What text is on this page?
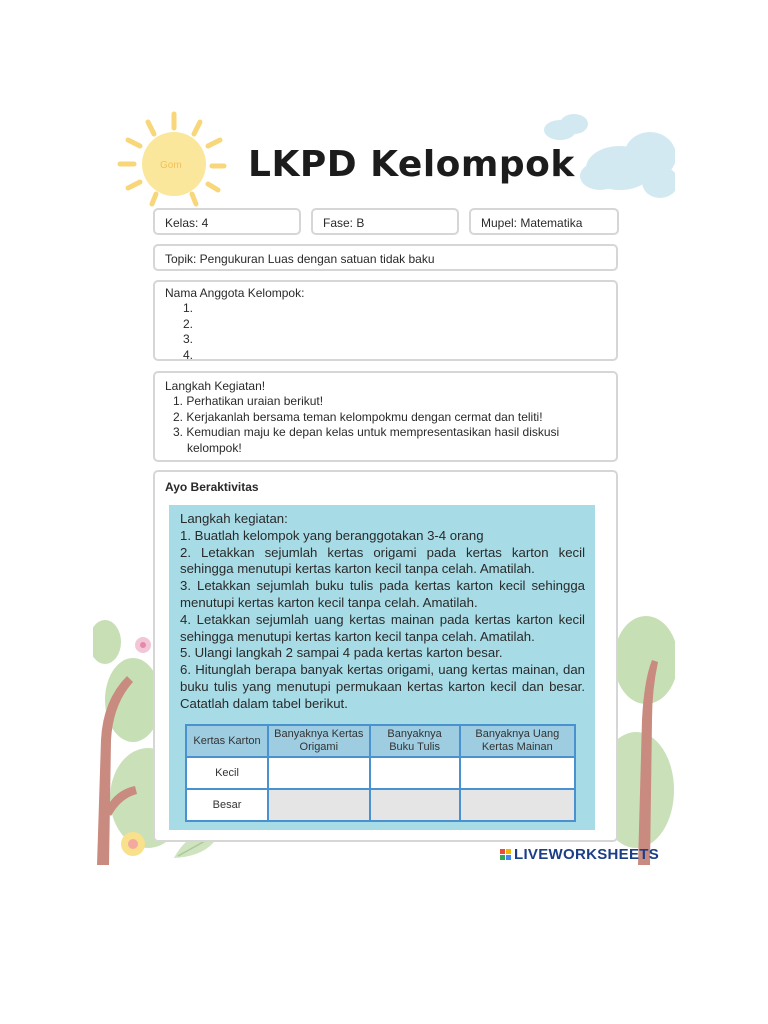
Gom LKPD Kelompok
Kelas: 4	Fase: B	Mupel: Matematika
Topik: Pengukuran Luas dengan satuan tidak baku
Nama Anggota Kelompok:
1.
2.
3.
4.
Langkah Kegiatan!
1. Perhatikan uraian berikut!
2. Kerjakanlah bersama teman kelompokmu dengan cermat dan teliti!
3. Kemudian maju ke depan kelas untuk mempresentasikan hasil diskusi
kelompok!
Ayo Beraktivitas

Langkah kegiatan:

1. Buatlah kelompok yang beranggotakan 3-4 orang

2. Letakkan sejumlah kertas origami pada kertas karton kecil sehingga menutupi kertas karton kecil tanpa celah. Amatilah.

3. Letakkan sejumlah buku tulis pada kertas karton kecil sehingga menutupi kertas karton kecil tanpa celah. Amatilah.

4. Letakkan sejumlah uang kertas mainan pada kertas karton kecil sehingga menutupi kertas karton kecil tanpa celah. Amatilah.

5. Ulangi langkah 2 sampai 4 pada kertas karton besar.

6. Hitunglah berapa banyak kertas origami, uang kertas mainan, dan buku tulis yang menutupi permukaan kertas karton kecil dan besar. Catatlah dalam tabel berikut.

Kertas Karton	Banyaknya Kertas Origami	Banyaknya Buku Tulis	Banyaknya Uang Kertas Mainan
Kecil			
Besar			
LIVEWORKSHEETS
